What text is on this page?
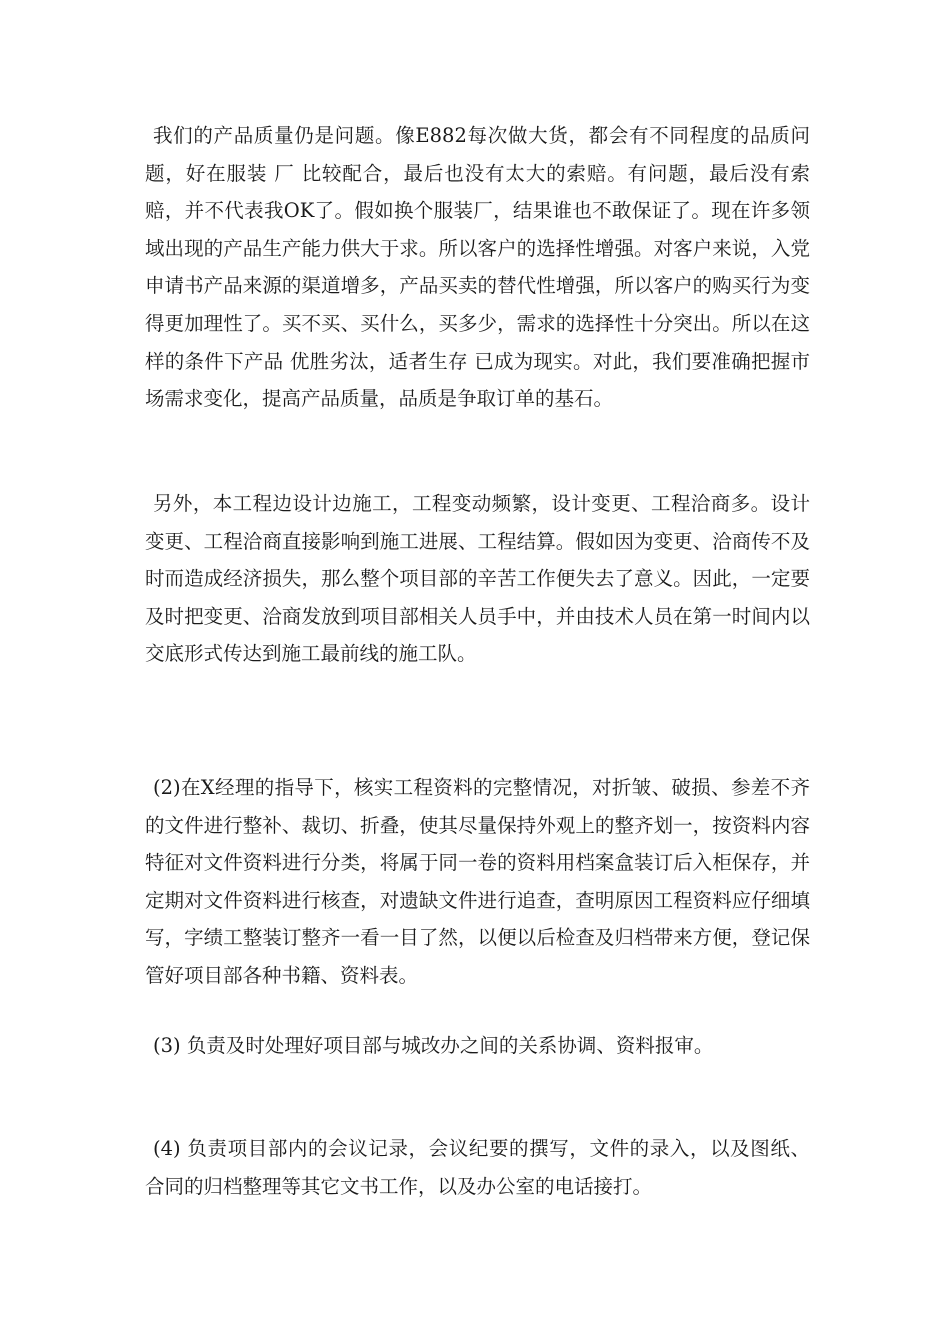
我们的产品质量仍是问题。像E882每次做大货，都会有不同程度的品质问题，好在服装 厂 比较配合，最后也没有太大的索赔。有问题，最后没有索赔，并不代表我OK了。假如换个服装厂，结果谁也不敢保证了。现在许多领域出现的产品生产能力供大于求。所以客户的选择性增强。对客户来说，入党申请书产品来源的渠道增多，产品买卖的替代性增强，所以客户的购买行为变得更加理性了。买不买、买什么，买多少，需求的选择性十分突出。所以在这样的条件下产品 优胜劣汰，适者生存 已成为现实。对此，我们要准确把握市场需求变化，提高产品质量，品质是争取订单的基石。

另外，本工程边设计边施工，工程变动频繁，设计变更、工程洽商多。设计变更、工程洽商直接影响到施工进展、工程结算。假如因为变更、洽商传不及时而造成经济损失，那么整个项目部的辛苦工作便失去了意义。因此，一定要及时把变更、洽商发放到项目部相关人员手中，并由技术人员在第一时间内以交底形式传达到施工最前线的施工队。

(2)在X经理的指导下，核实工程资料的完整情况，对折皱、破损、参差不齐的文件进行整补、裁切、折叠，使其尽量保持外观上的整齐划一，按资料内容特征对文件资料进行分类，将属于同一卷的资料用档案盒装订后入柜保存，并定期对文件资料进行核查，对遗缺文件进行追查，查明原因工程资料应仔细填写，字绩工整装订整齐一看一目了然，以便以后检查及归档带来方便，登记保管好项目部各种书籍、资料表。

(3) 负责及时处理好项目部与城改办之间的关系协调、资料报审。

(4) 负责项目部内的会议记录，会议纪要的撰写，文件的录入，以及图纸、合同的归档整理等其它文书工作，以及办公室的电话接打。
